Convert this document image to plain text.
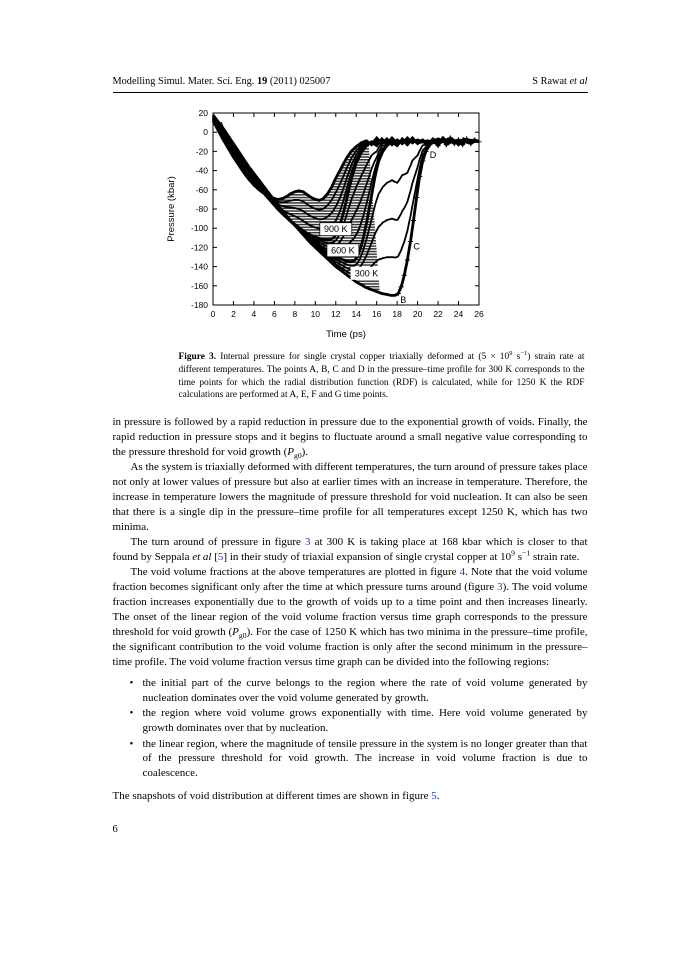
Modelling Simul. Mater. Sci. Eng. 19 (2011) 025007	S Rawat et al
0 2 4 6 8 10 12 14 16 18 20 22 24 26
20
0
-20
-40
-60
-80
-100
-120
-140
-160
-180
Time (ps)
Pressure (kbar)
A
B
C
D
300 K
600 K
900 K
Figure 3. Internal pressure for single crystal copper triaxially deformed at ($5 \times 10^9$ $s^{-1}$) strain rate at different temperatures. The points A, B, C and D in the pressure–time profile for 300 K corresponds to the time points for which the radial distribution function (RDF) is calculated, while for 1250 K the RDF calculations are performed at A, E, F and G time points.

in pressure is followed by a rapid reduction in pressure due to the exponential growth of voids. Finally, the rapid reduction in pressure stops and it begins to fluctuate around a small negative value corresponding to the pressure threshold for void growth $(P_{g0})$.

As the system is triaxially deformed with different temperatures, the turn around of pressure takes place not only at lower values of pressure but also at earlier times with an increase in temperature. Therefore, the increase in temperature lowers the magnitude of pressure threshold for void nucleation. It can also be seen that there is a single dip in the pressure–time profile for all temperatures except 1250 K, which has two minima.

The turn around of pressure in figure 3 at 300 K is taking place at 168 kbar which is closer to that found by Seppala et al [5] in their study of triaxial expansion of single crystal copper at $10^9$ $s^{-1}$ strain rate.

The void volume fractions at the above temperatures are plotted in figure 4. Note that the void volume fraction becomes significant only after the time at which pressure turns around (figure 3). The void volume fraction increases exponentially due to the growth of voids up to a time point and then increases linearly. The onset of the linear region of the void volume fraction versus time graph corresponds to the pressure threshold for void growth $(P_{g0})$. For the case of 1250 K which has two minima in the pressure–time profile, the significant contribution to the void volume fraction is only after the second minimum in the pressure–time profile. The void volume fraction versus time graph can be divided into the following regions:

• the initial part of the curve belongs to the region where the rate of void volume generated by nucleation dominates over the void volume generated by growth.
• the region where void volume grows exponentially with time. Here void volume generated by growth dominates over that by nucleation.
• the linear region, where the magnitude of tensile pressure in the system is no longer greater than that of the pressure threshold for void growth. The increase in void volume fraction is due to coalescence.

The snapshots of void distribution at different times are shown in figure 5.

6
